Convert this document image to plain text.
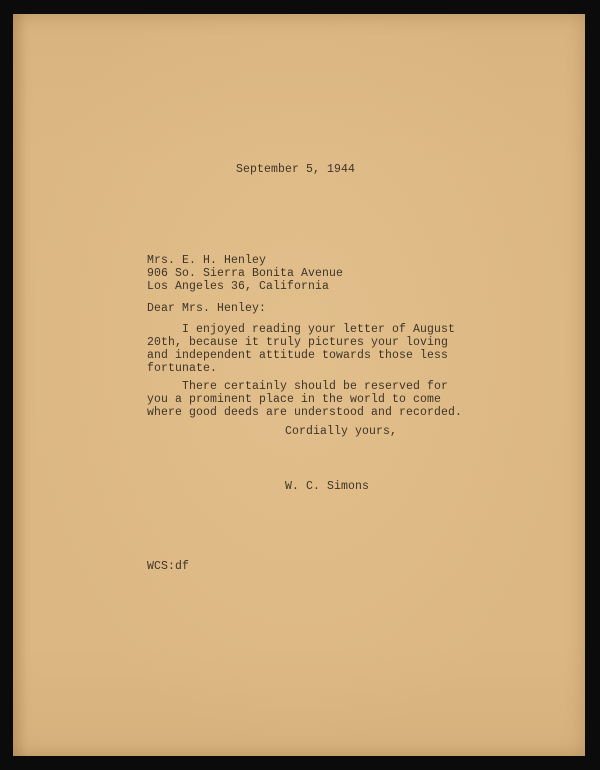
September 5, 1944
Mrs. E. H. Henley
906 So. Sierra Bonita Avenue
Los Angeles 36, California
Dear Mrs. Henley:
I enjoyed reading your letter of August
20th, because it truly pictures your loving
and independent attitude towards those less
fortunate.
There certainly should be reserved for
you a prominent place in the world to come
where good deeds are understood and recorded.
Cordially yours,
W. C. Simons
WCS:df
